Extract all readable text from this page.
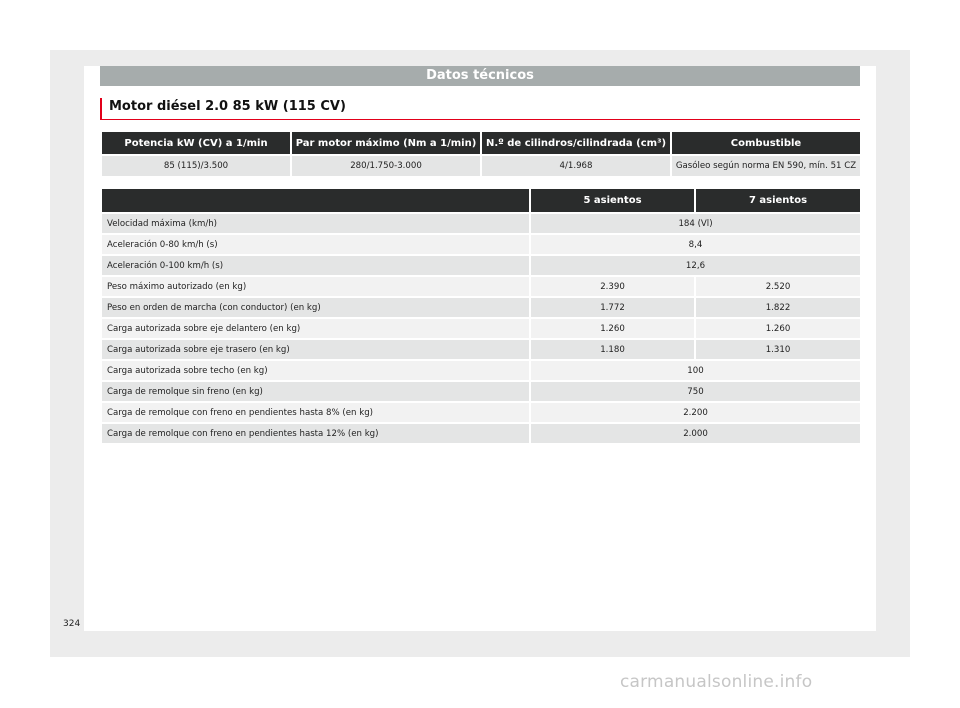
Datos técnicos
Motor diésel 2.0 85 kW (115 CV)
Potencia kW (CV) a 1/min	Par motor máximo (Nm a 1/min)	N.º de cilindros/cilindrada (cm³)	Combustible
85 (115)/3.500	280/1.750-3.000	4/1.968	Gasóleo según norma EN 590, mín. 51 CZ
	5 asientos	7 asientos
Velocidad máxima (km/h)	184 (Vl)	
Aceleración 0-80 km/h (s)	8,4	
Aceleración 0-100 km/h (s)	12,6	
Peso máximo autorizado (en kg)	2.390	2.520
Peso en orden de marcha (con conductor) (en kg)	1.772	1.822
Carga autorizada sobre eje delantero (en kg)	1.260	1.260
Carga autorizada sobre eje trasero (en kg)	1.180	1.310
Carga autorizada sobre techo (en kg)	100	
Carga de remolque sin freno (en kg)	750	
Carga de remolque con freno en pendientes hasta 8% (en kg)	2.200	
Carga de remolque con freno en pendientes hasta 12% (en kg)	2.000	
324
carmanualsonline.info
